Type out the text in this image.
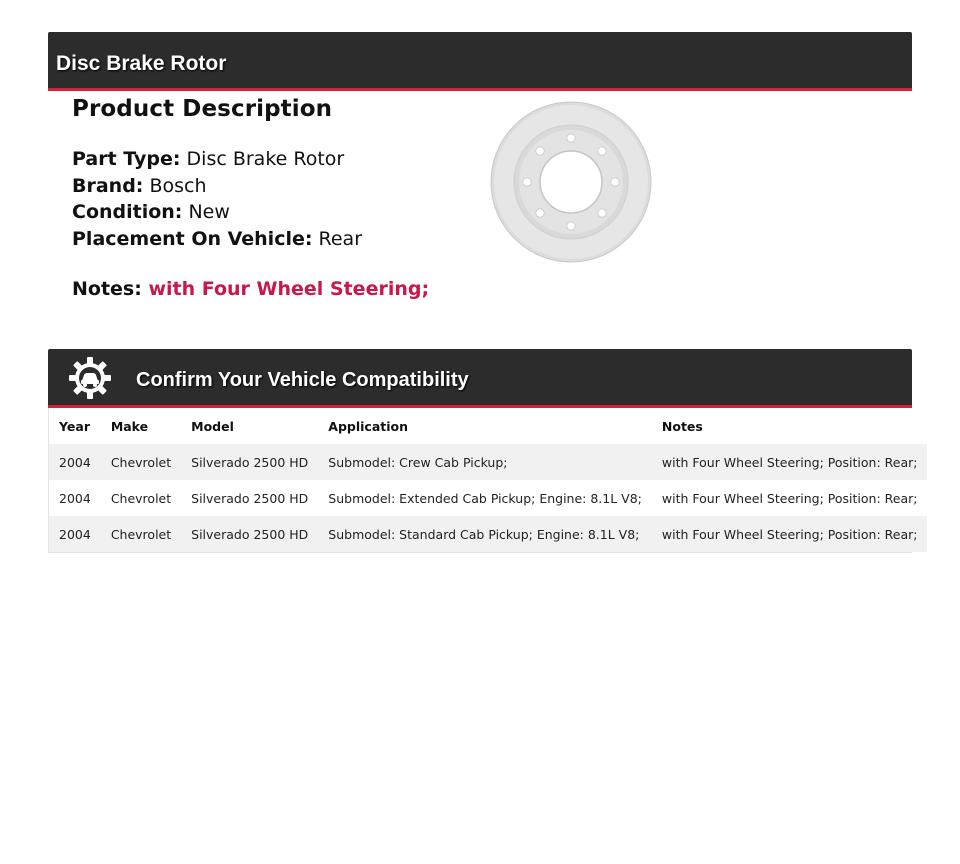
Disc Brake Rotor
Product Description
Part Type: Disc Brake Rotor
Brand: Bosch
Condition: New
Placement On Vehicle: Rear
Notes: with Four Wheel Steering;
Confirm Your Vehicle Compatibility
Year	Make	Model	Application	Notes
2004	Chevrolet	Silverado 2500 HD	Submodel: Crew Cab Pickup;	with Four Wheel Steering; Position: Rear;
2004	Chevrolet	Silverado 2500 HD	Submodel: Extended Cab Pickup; Engine: 8.1L V8;	with Four Wheel Steering; Position: Rear;
2004	Chevrolet	Silverado 2500 HD	Submodel: Standard Cab Pickup; Engine: 8.1L V8;	with Four Wheel Steering; Position: Rear;
